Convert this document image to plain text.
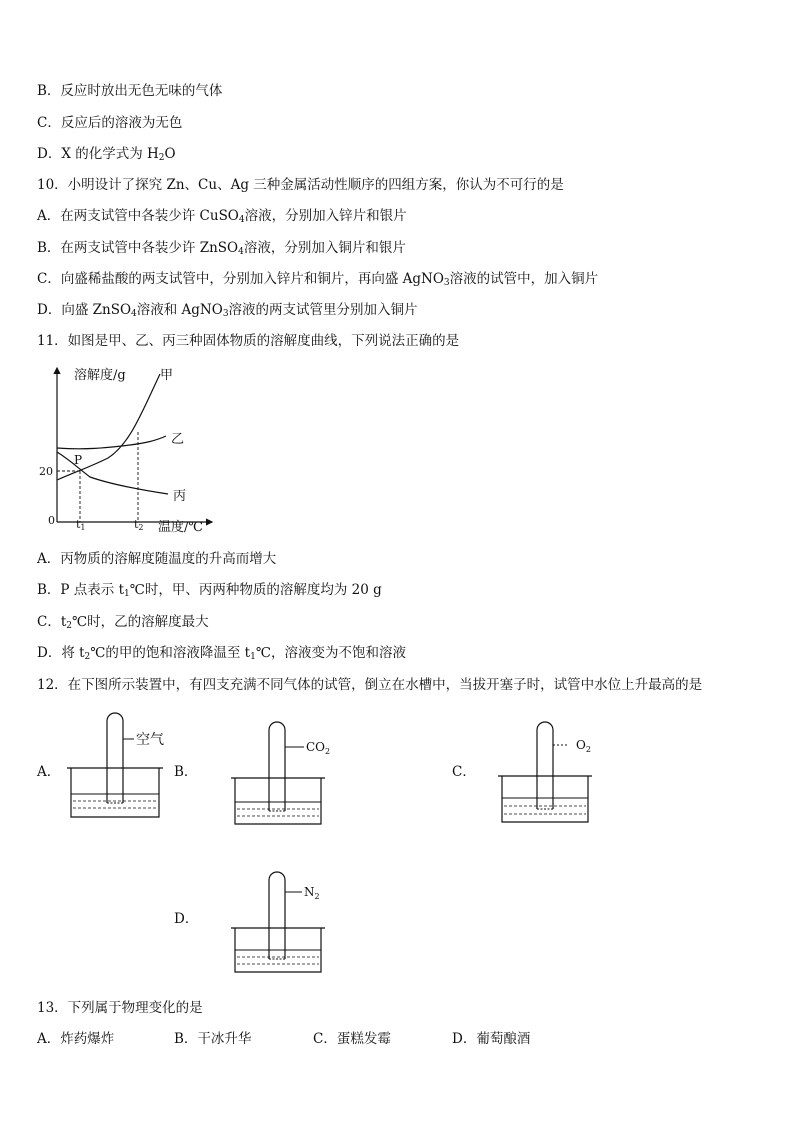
B．反应时放出无色无味的气体
C．反应后的溶液为无色
D．X 的化学式为 $H_2O$
10．小明设计了探究 Zn、Cu、Ag 三种金属活动性顺序的四组方案，你认为不可行的是
A．在两支试管中各装少许 CuSO$_4$溶液，分别加入锌片和银片
B．在两支试管中各装少许 ZnSO$_4$溶液，分别加入铜片和银片
C．向盛稀盐酸的两支试管中，分别加入锌片和铜片，再向盛 AgNO$_3$溶液的试管中，加入铜片
D．向盛 ZnSO$_4$溶液和 AgNO$_3$溶液的两支试管里分别加入铜片
11．如图是甲、乙、丙三种固体物质的溶解度曲线，下列说法正确的是
溶解度/g
温度/℃
0
20
P
甲
乙
丙
t1	t2
A．丙物质的溶解度随温度的升高而增大
B．P 点表示 $t_1℃$时，甲、丙两种物质的溶解度均为 20 g
C．$t_2℃$时，乙的溶解度最大
D．将 $t_2℃$的甲的饱和溶液降温至 $t_1℃$，溶液变为不饱和溶液
12．在下图所示装置中，有四支充满不同气体的试管，倒立在水槽中，当拔开塞子时，试管中水位上升最高的是
A．
空气
B．
$CO_2$
C．
$O_2$
D．
$N_2$
13．下列属于物理变化的是
A．炸药爆炸	B．干冰升华	C．蛋糕发霉	D．葡萄酿酒
